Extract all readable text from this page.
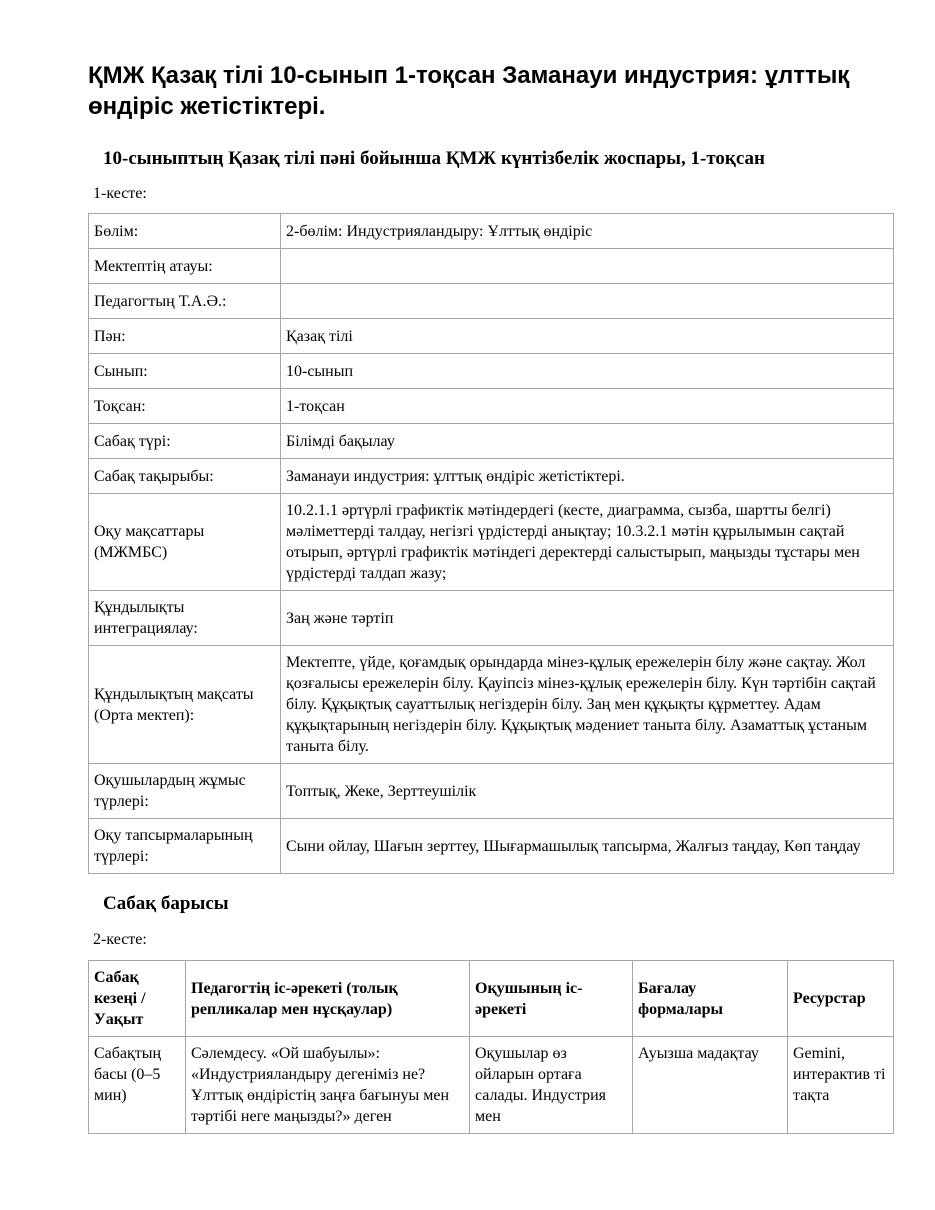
ҚМЖ Қазақ тілі 10-сынып 1-тоқсан Заманауи индустрия: ұлттық өндіріс жетістіктері.
10-сыныптың Қазақ тілі пәні бойынша ҚМЖ күнтізбелік жоспары, 1-тоқсан

1-кесте:

Бөлім:	2-бөлім: Индустрияландыру: Ұлттық өндіріс
Мектептің атауы:	
Педагогтың Т.А.Ә.:	
Пән:	Қазақ тілі
Сынып:	10-сынып
Тоқсан:	1-тоқсан
Сабақ түрі:	Білімді бақылау
Сабақ тақырыбы:	Заманауи индустрия: ұлттық өндіріс жетістіктері.
Оқу мақсаттары (МЖМБС)	10.2.1.1 әртүрлі графиктік мәтіндердегі (кесте, диаграмма, сызба, шартты белгі) мәліметтерді талдау, негізгі үрдістерді анықтау; 10.3.2.1 мәтін құрылымын сақтай отырып, әртүрлі графиктік мәтіндегі деректерді салыстырып, маңызды тұстары мен үрдістерді талдап жазу;
Құндылықты интеграциялау:	Заң және тәртіп
Құндылықтың мақсаты (Орта мектеп):	Мектепте, үйде, қоғамдық орындарда мінез-құлық ережелерін білу және сақтау. Жол қозғалысы ережелерін білу. Қауіпсіз мінез-құлық ережелерін білу. Күн тәртібін сақтай білу. Құқықтық сауаттылық негіздерін білу. Заң мен құқықты құрметтеу. Адам құқықтарының негіздерін білу. Құқықтық мәдениет таныта білу. Азаматтық ұстаным таныта білу.
Оқушылардың жұмыс түрлері:	Топтық, Жеке, Зерттеушілік
Оқу тапсырмаларының түрлері:	Сыни ойлау, Шағын зерттеу, Шығармашылық тапсырма, Жалғыз таңдау, Көп таңдау
Сабақ барысы

2-кесте:

Сабақ кезеңі / Уақыт	Педагогтің іс-әрекеті (толық репликалар мен нұсқаулар)	Оқушының іс-әрекеті	Бағалау формалары	Ресурстар
Сабақтың басы (0–5 мин)	Сәлемдесу. «Ой шабуылы»: «Индустрияландыру дегеніміз не? Ұлттық өндірістің заңға бағынуы мен тәртібі неге маңызды?» деген	Оқушылар өз ойларын ортаға салады. Индустрия мен	Ауызша мадақтау	Gemini, интерактив ті тақта
